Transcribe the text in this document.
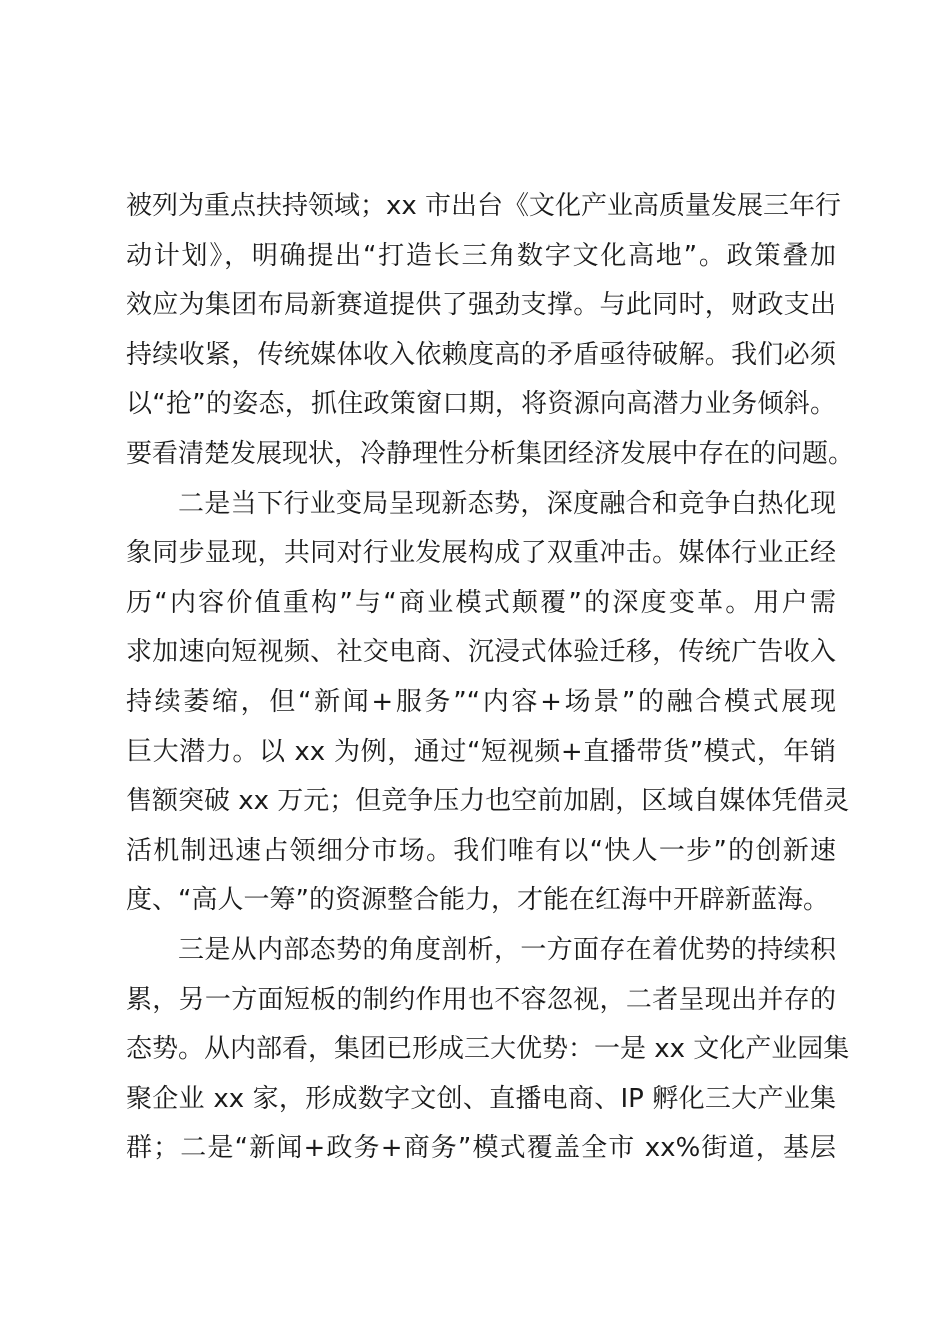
被列为重点扶持领域；xx 市出台《文化产业高质量发展三年行
动计划》，明确提出“打造长三角数字文化高地”。政策叠加
效应为集团布局新赛道提供了强劲支撑。与此同时，财政支出
持续收紧，传统媒体收入依赖度高的矛盾亟待破解。我们必须
以“抢”的姿态，抓住政策窗口期，将资源向高潜力业务倾斜。
要看清楚发展现状，冷静理性分析集团经济发展中存在的问题。
二是当下行业变局呈现新态势，深度融合和竞争白热化现
象同步显现，共同对行业发展构成了双重冲击。媒体行业正经
历“内容价值重构”与“商业模式颠覆”的深度变革。用户需
求加速向短视频、社交电商、沉浸式体验迁移，传统广告收入
持续萎缩，但“新闻+服务”“内容+场景”的融合模式展现
巨大潜力。以 xx 为例，通过“短视频+直播带货”模式，年销
售额突破 xx 万元；但竞争压力也空前加剧，区域自媒体凭借灵
活机制迅速占领细分市场。我们唯有以“快人一步”的创新速
度、“高人一筹”的资源整合能力，才能在红海中开辟新蓝海。
三是从内部态势的角度剖析，一方面存在着优势的持续积
累，另一方面短板的制约作用也不容忽视，二者呈现出并存的
态势。从内部看，集团已形成三大优势：一是 xx 文化产业园集
聚企业 xx 家，形成数字文创、直播电商、IP 孵化三大产业集
群；二是“新闻+政务+商务”模式覆盖全市 xx%街道，基层
